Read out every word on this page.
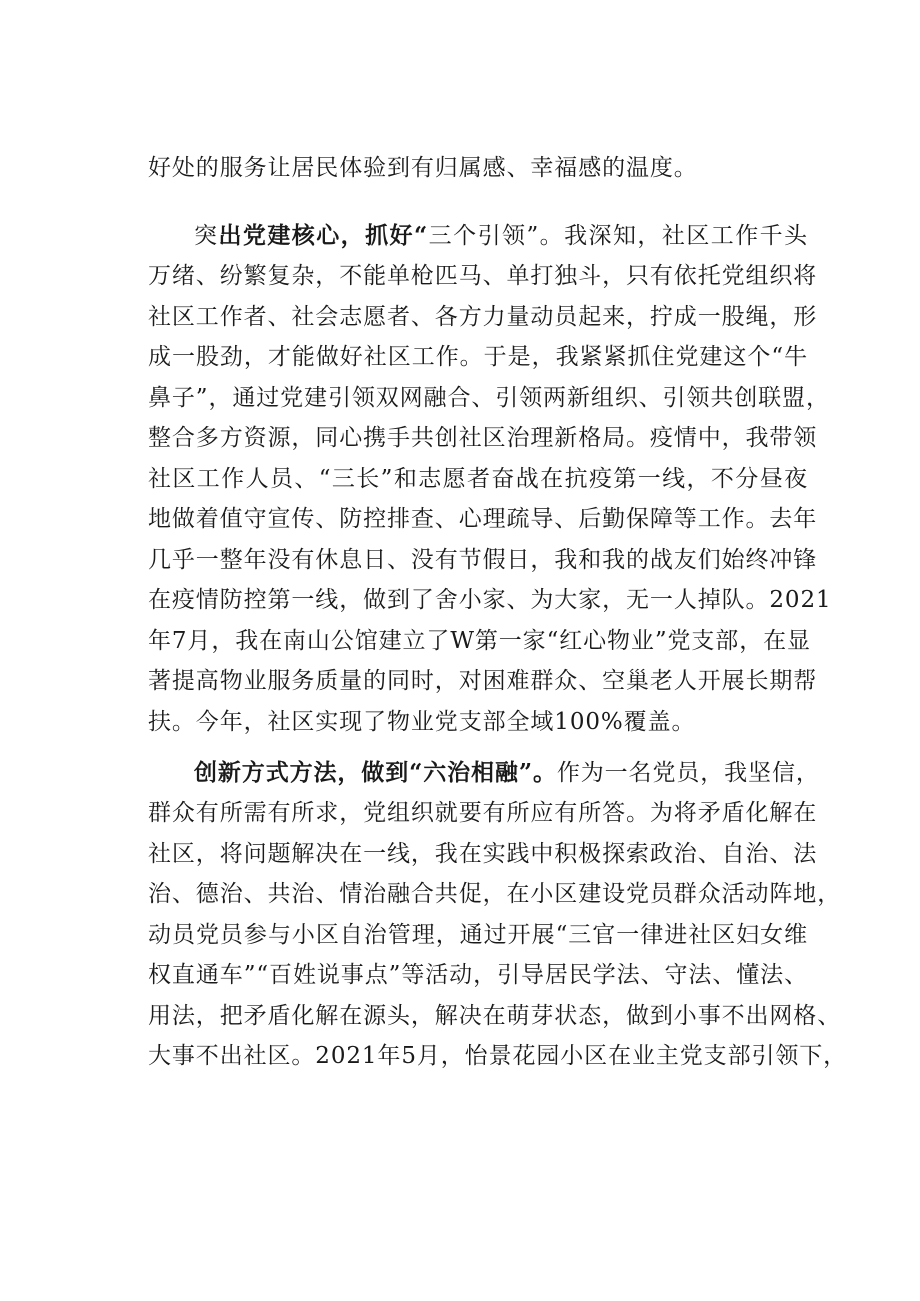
好处的服务让居民体验到有归属感、幸福感的温度。
突出党建核心，抓好“三个引领”。我深知，社区工作千头
万绪、纷繁复杂，不能单枪匹马、单打独斗，只有依托党组织将
社区工作者、社会志愿者、各方力量动员起来，拧成一股绳，形
成一股劲，才能做好社区工作。于是，我紧紧抓住党建这个“牛
鼻子”，通过党建引领双网融合、引领两新组织、引领共创联盟，
整合多方资源，同心携手共创社区治理新格局。疫情中，我带领
社区工作人员、“三长”和志愿者奋战在抗疫第一线，不分昼夜
地做着值守宣传、防控排查、心理疏导、后勤保障等工作。去年
几乎一整年没有休息日、没有节假日，我和我的战友们始终冲锋
在疫情防控第一线，做到了舍小家、为大家，无一人掉队。2021
年7月，我在南山公馆建立了W第一家“红心物业”党支部，在显
著提高物业服务质量的同时，对困难群众、空巢老人开展长期帮
扶。今年，社区实现了物业党支部全域100%覆盖。
创新方式方法，做到“六治相融”。作为一名党员，我坚信，
群众有所需有所求，党组织就要有所应有所答。为将矛盾化解在
社区，将问题解决在一线，我在实践中积极探索政治、自治、法
治、德治、共治、情治融合共促，在小区建设党员群众活动阵地，
动员党员参与小区自治管理，通过开展“三官一律进社区妇女维
权直通车”“百姓说事点”等活动，引导居民学法、守法、懂法、
用法，把矛盾化解在源头，解决在萌芽状态，做到小事不出网格、
大事不出社区。2021年5月，怡景花园小区在业主党支部引领下，
